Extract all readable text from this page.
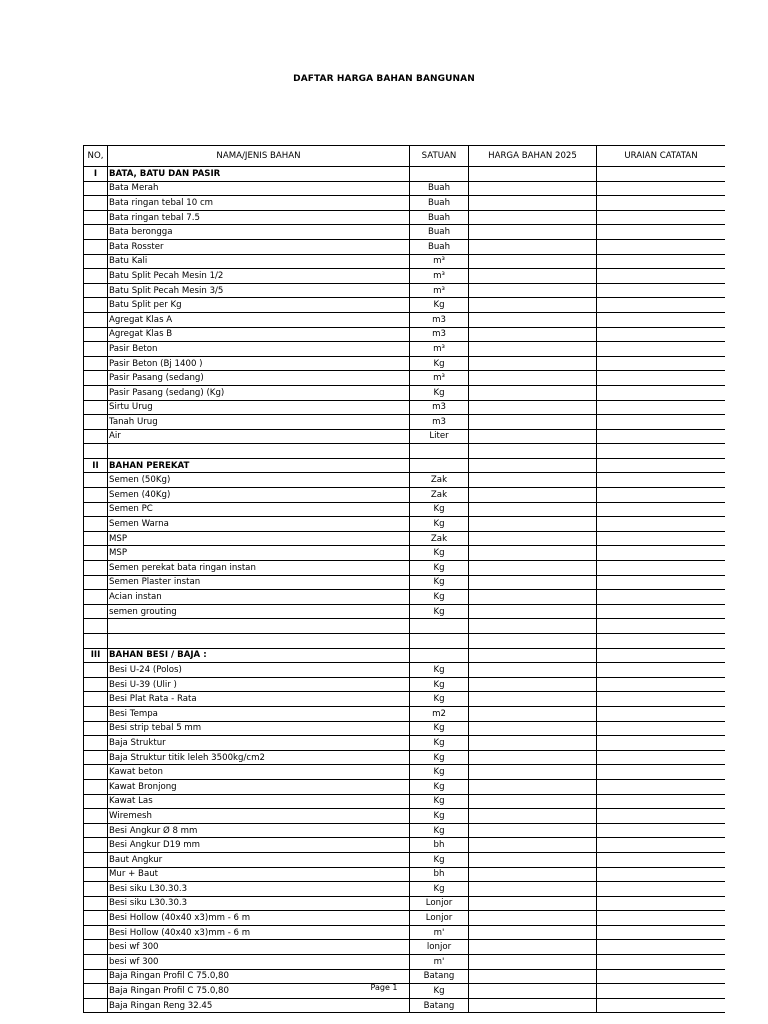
DAFTAR HARGA BAHAN BANGUNAN
NO,	NAMA/JENIS BAHAN	SATUAN	HARGA BAHAN 2025	URAIAN CATATAN
I	BATA, BATU DAN PASIR			
	Bata Merah	Buah		
	Bata ringan tebal 10 cm	Buah		
	Bata ringan tebal 7.5	Buah		
	Bata berongga	Buah		
	Bata Rosster	Buah		
	Batu Kali	m³		
	Batu Split Pecah Mesin 1/2	m³		
	Batu Split Pecah Mesin 3/5	m³		
	Batu Split per Kg	Kg		
	Agregat Klas A	m3		
	Agregat Klas B	m3		
	Pasir Beton	m³		
	Pasir Beton (Bj 1400 )	Kg		
	Pasir Pasang (sedang)	m³		
	Pasir Pasang (sedang) (Kg)	Kg		
	Sirtu Urug	m3		
	Tanah Urug	m3		
	Air	Liter		

II	BAHAN PEREKAT			
	Semen (50Kg)	Zak		
	Semen (40Kg)	Zak		
	Semen PC	Kg		
	Semen Warna	Kg		
	MSP	Zak		
	MSP	Kg		
	Semen perekat bata ringan instan	Kg		
	Semen Plaster instan	Kg		
	Acian instan	Kg		
	semen grouting	Kg		

III	BAHAN BESI / BAJA :			
	Besi U-24 (Polos)	Kg		
	Besi U-39 (Ulir )	Kg		
	Besi Plat Rata - Rata	Kg		
	Besi Tempa	m2		
	Besi strip tebal 5 mm	Kg		
	Baja Struktur	Kg		
	Baja Struktur titik leleh 3500kg/cm2	Kg		
	Kawat beton	Kg		
	Kawat Bronjong	Kg		
	Kawat Las	Kg		
	Wiremesh	Kg		
	Besi Angkur Ø 8 mm	Kg		
	Besi Angkur D19 mm	bh		
	Baut Angkur	Kg		
	Mur + Baut	bh		
	Besi siku L30.30.3	Kg		
	Besi siku L30.30.3	Lonjor		
	Besi Hollow (40x40 x3)mm - 6 m	Lonjor		
	Besi Hollow (40x40 x3)mm - 6 m	m'		
	besi wf 300	lonjor		
	besi wf 300	m'		
	Baja Ringan Profil C 75.0,80	Batang		
	Baja Ringan Profil C 75.0,80	Kg		
	Baja Ringan Reng 32.45	Batang		
Page 1
